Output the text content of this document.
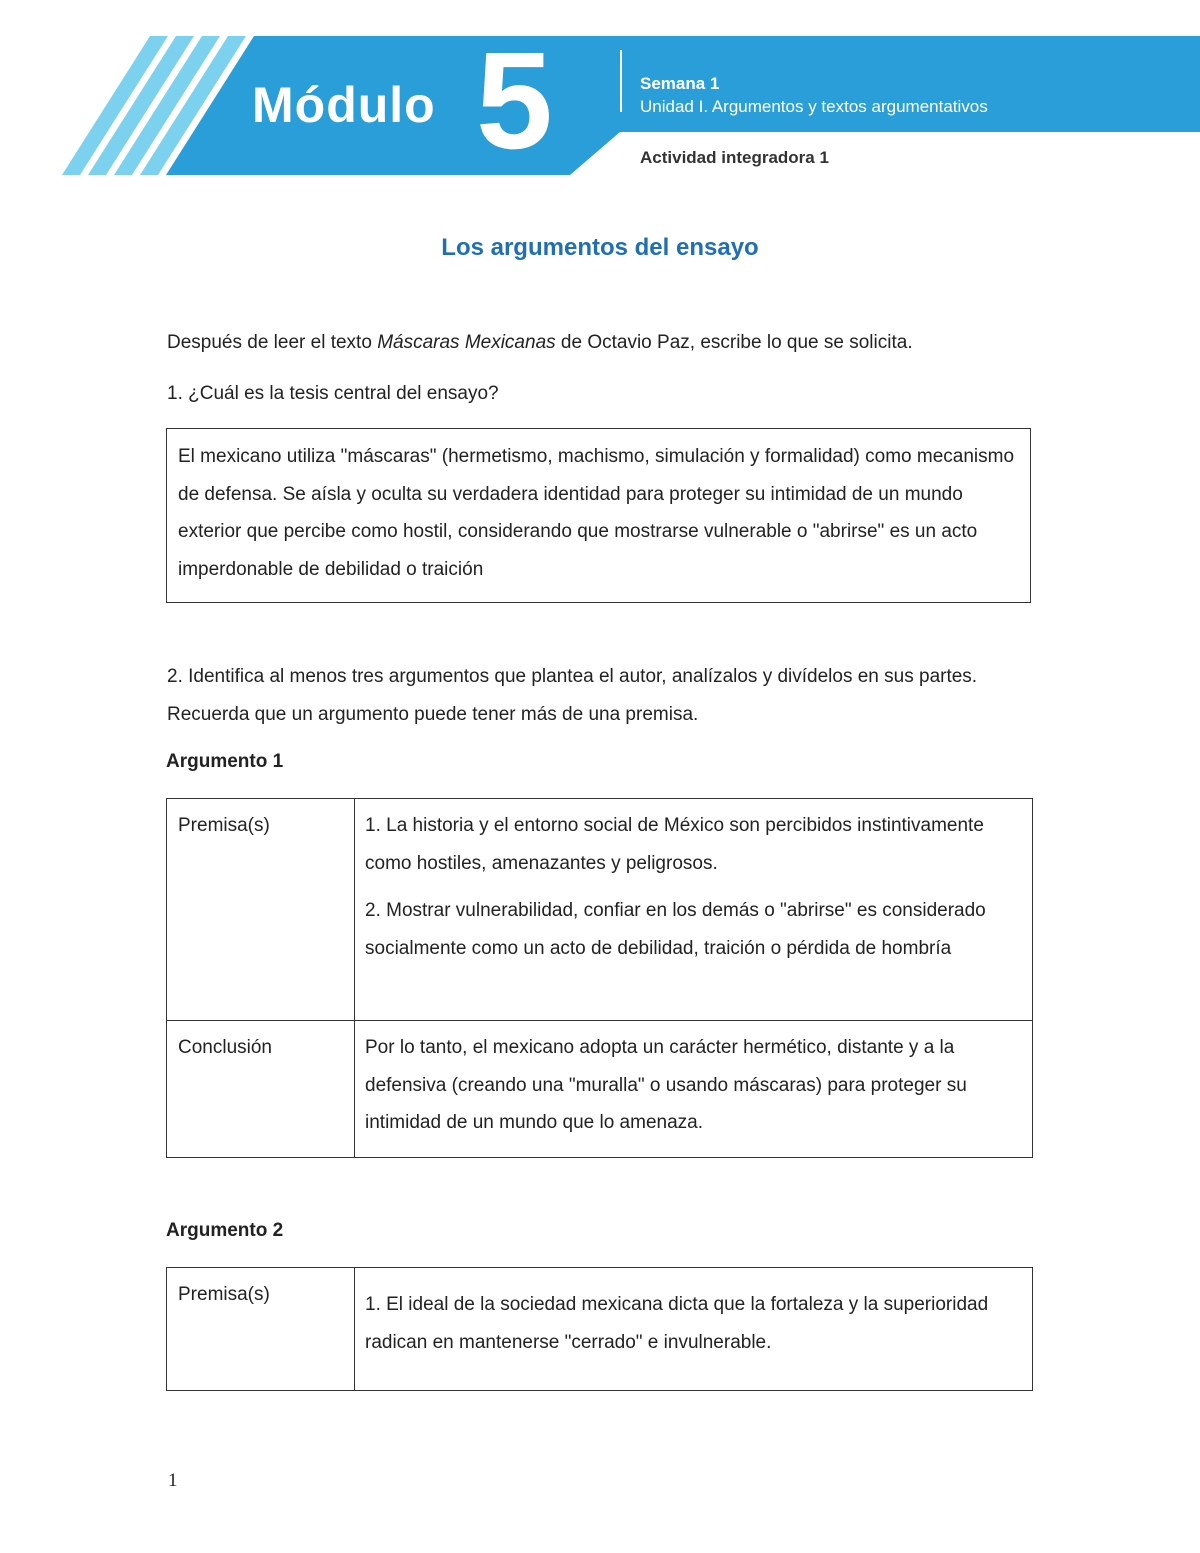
Módulo 5	Semana 1
Unidad I. Argumentos y textos argumentativos
Actividad integradora 1
Los argumentos del ensayo
Después de leer el texto Máscaras Mexicanas de Octavio Paz, escribe lo que se solicita.
1. ¿Cuál es la tesis central del ensayo?
El mexicano utiliza "máscaras" (hermetismo, machismo, simulación y formalidad) como mecanismo de defensa. Se aísla y oculta su verdadera identidad para proteger su intimidad de un mundo exterior que percibe como hostil, considerando que mostrarse vulnerable o "abrirse" es un acto imperdonable de debilidad o traición
2. Identifica al menos tres argumentos que plantea el autor, analízalos y divídelos en sus partes. Recuerda que un argumento puede tener más de una premisa.
Argumento 1
Premisa(s)	1. La historia y el entorno social de México son percibidos instintivamente como hostiles, amenazantes y peligrosos.
2. Mostrar vulnerabilidad, confiar en los demás o "abrirse" es considerado socialmente como un acto de debilidad, traición o pérdida de hombría

Conclusión	Por lo tanto, el mexicano adopta un carácter hermético, distante y a la defensiva (creando una "muralla" o usando máscaras) para proteger su intimidad de un mundo que lo amenaza.
Argumento 2
Premisa(s)	1. El ideal de la sociedad mexicana dicta que la fortaleza y la superioridad radican en mantenerse "cerrado" e invulnerable.
1
